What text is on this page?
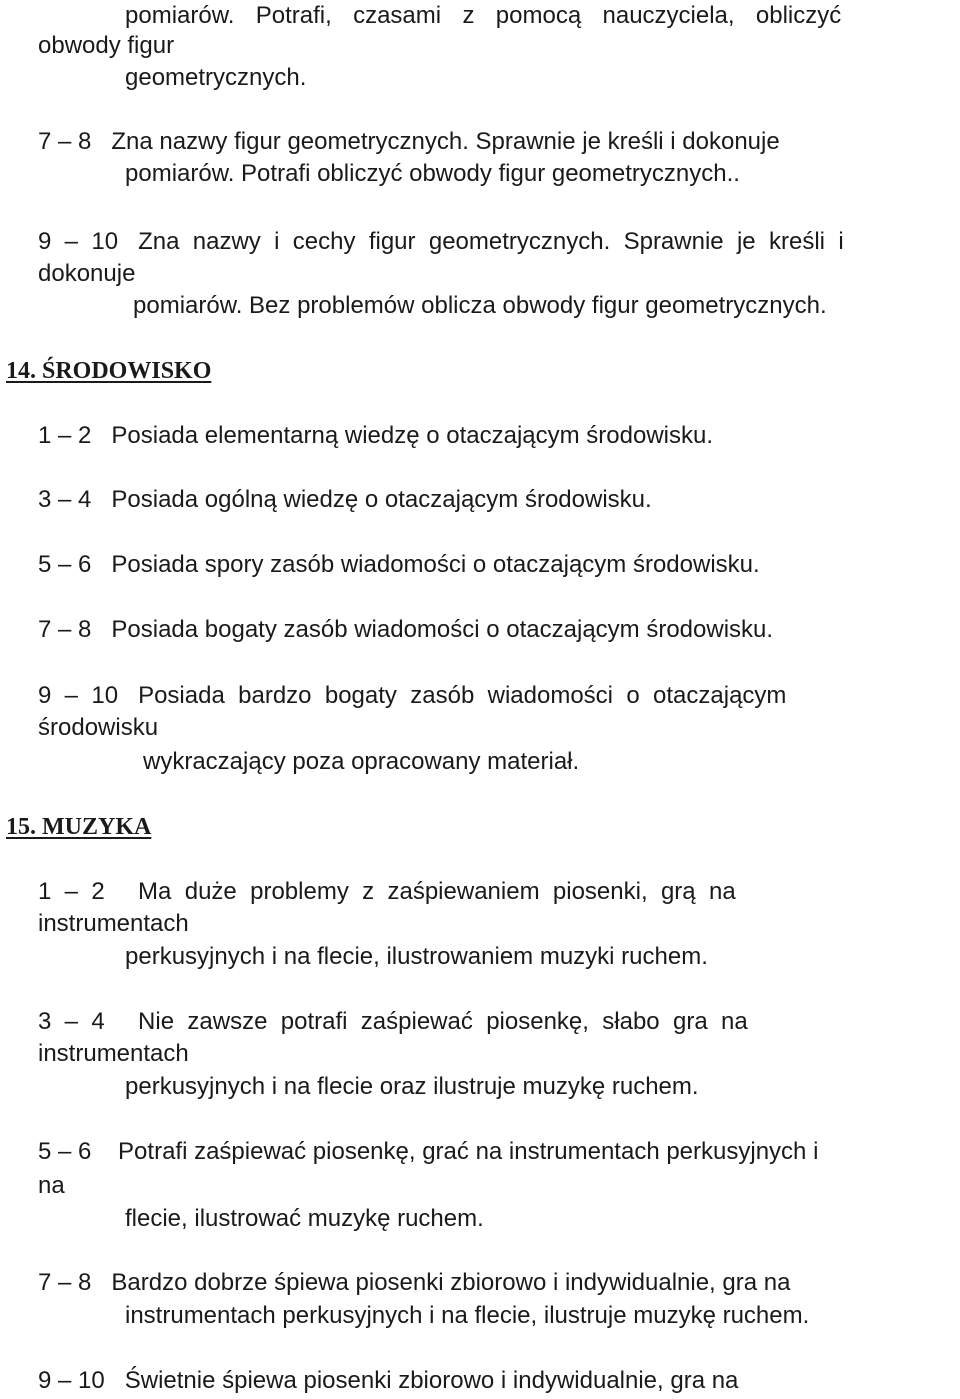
pomiarów.  Potrafi,  czasami  z  pomocą  nauczyciela,  obliczyć
obwody figur
geometrycznych.
7 – 8   Zna nazwy figur geometrycznych. Sprawnie je kreśli i dokonuje
pomiarów. Potrafi obliczyć obwody figur geometrycznych..
9  –  10   Zna  nazwy  i  cechy  figur  geometrycznych.  Sprawnie  je  kreśli  i
dokonuje
pomiarów. Bez problemów oblicza obwody figur geometrycznych.
14. ŚRODOWISKO
1 – 2   Posiada elementarną wiedzę o otaczającym środowisku.
3 – 4   Posiada ogólną wiedzę o otaczającym środowisku.
5 – 6   Posiada spory zasób wiadomości o otaczającym środowisku.
7 – 8   Posiada bogaty zasób wiadomości o otaczającym środowisku.
9  –  10   Posiada  bardzo  bogaty  zasób  wiadomości  o  otaczającym
środowisku
wykraczający poza opracowany materiał.
15. MUZYKA
1  –  2     Ma  duże  problemy  z  zaśpiewaniem  piosenki,  grą  na
instrumentach
perkusyjnych i na flecie, ilustrowaniem muzyki ruchem.
3  –  4     Nie  zawsze  potrafi  zaśpiewać  piosenkę,  słabo  gra  na
instrumentach
perkusyjnych i na flecie oraz ilustruje muzykę ruchem.
5 – 6    Potrafi zaśpiewać piosenkę, grać na instrumentach perkusyjnych i
na
flecie, ilustrować muzykę ruchem.
7 – 8   Bardzo dobrze śpiewa piosenki zbiorowo i indywidualnie, gra na
instrumentach perkusyjnych i na flecie, ilustruje muzykę ruchem.
9 – 10   Świetnie śpiewa piosenki zbiorowo i indywidualnie, gra na
